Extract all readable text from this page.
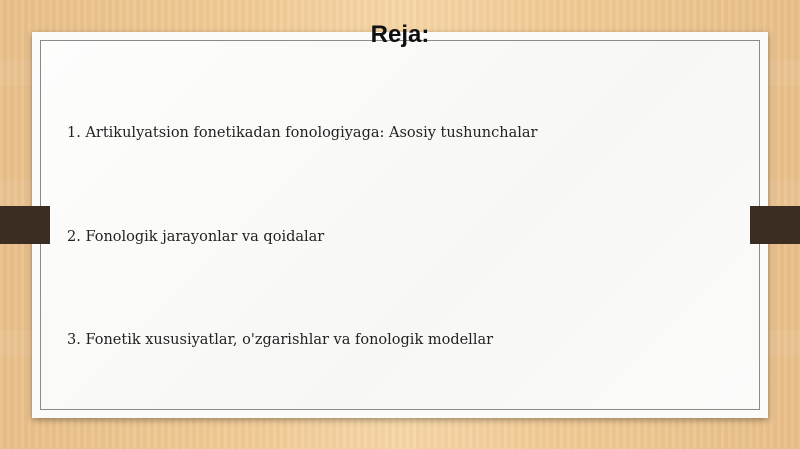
Reja:
1. Artikulyatsion fonetikadan fonologiyaga: Asosiy tushunchalar
2. Fonologik jarayonlar va qoidalar
3. Fonetik xususiyatlar, o'zgarishlar va fonologik modellar
